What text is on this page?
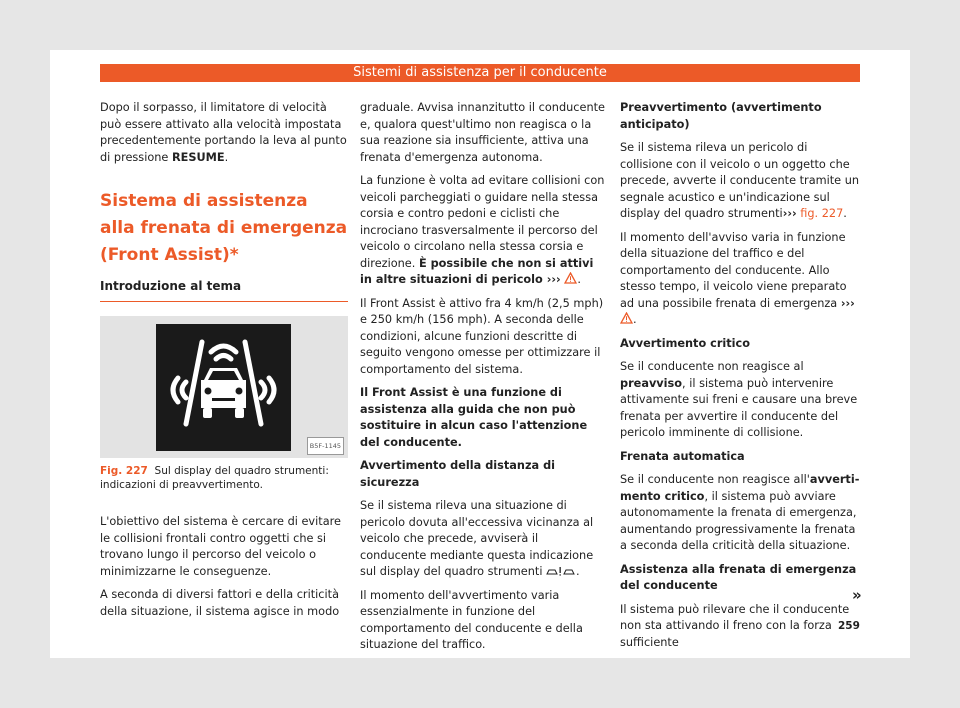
Sistemi di assistenza per il conducente

Dopo il sorpasso, il limitatore di velocità può essere attivato alla velocità impostata precedentemente portando la leva al punto di pressione RESUME.

Sistema di assistenza alla frenata di emergenza (Front Assist)*
Introduzione al tema
B5F-1145
Fig. 227 Sul display del quadro strumenti: indicazioni di preavvertimento.

L'obiettivo del sistema è cercare di evitare le collisioni frontali contro oggetti che si trovano lungo il percorso del veicolo o minimizzarne le conseguenze.

A seconda di diversi fattori e della criticità della situazione, il sistema agisce in modo

graduale. Avvisa innanzitutto il conducente e, qualora quest'ultimo non reagisca o la sua reazione sia insufficiente, attiva una frenata d'emergenza autonoma.

La funzione è volta ad evitare collisioni con veicoli parcheggiati o guidare nella stessa corsia e contro pedoni e ciclisti che incrociano trasversalmente il percorso del veicolo o circolano nella stessa corsia e direzione. È possibile che non si attivi in altre situazioni di pericolo ››› .

Il Front Assist è attivo fra 4 km/h (2,5 mph) e 250 km/h (156 mph). A seconda delle condizioni, alcune funzioni descritte di seguito vengono omesse per ottimizzare il comportamento del sistema.

Il Front Assist è una funzione di assistenza alla guida che non può sostituire in alcun caso l'attenzione del conducente.

Avvertimento della distanza di sicurezza

Se il sistema rileva una situazione di pericolo dovuta all'eccessiva vicinanza al veicolo che precede, avviserà il conducente mediante questa indicazione sul display del quadro strumenti	.

Il momento dell'avvertimento varia essenzialmente in funzione del comportamento del conducente e della situazione del traffico.

Preavvertimento (avvertimento anticipato)

Se il sistema rileva un pericolo di collisione con il veicolo o un oggetto che precede, avverte il conducente tramite un segnale acustico e un'indicazione sul display del quadro strumenti››› fig. 227.

Il momento dell'avviso varia in funzione della situazione del traffico e del comportamento del conducente. Allo stesso tempo, il veicolo viene preparato ad una possibile frenata di emergenza ››› .

Avvertimento critico

Se il conducente non reagisce al preavviso, il sistema può intervenire attivamente sui freni e causare una breve frenata per avvertire il conducente del pericolo imminente di collisione.

Frenata automatica

Se il conducente non reagisce all'avvertimento critico, il sistema può avviare autonomamente la frenata di emergenza, aumentando progressivamente la frenata a seconda della criticità della situazione.

Assistenza alla frenata di emergenza del conducente

Il sistema può rilevare che il conducente non sta attivando il freno con la forza sufficiente

»
259
